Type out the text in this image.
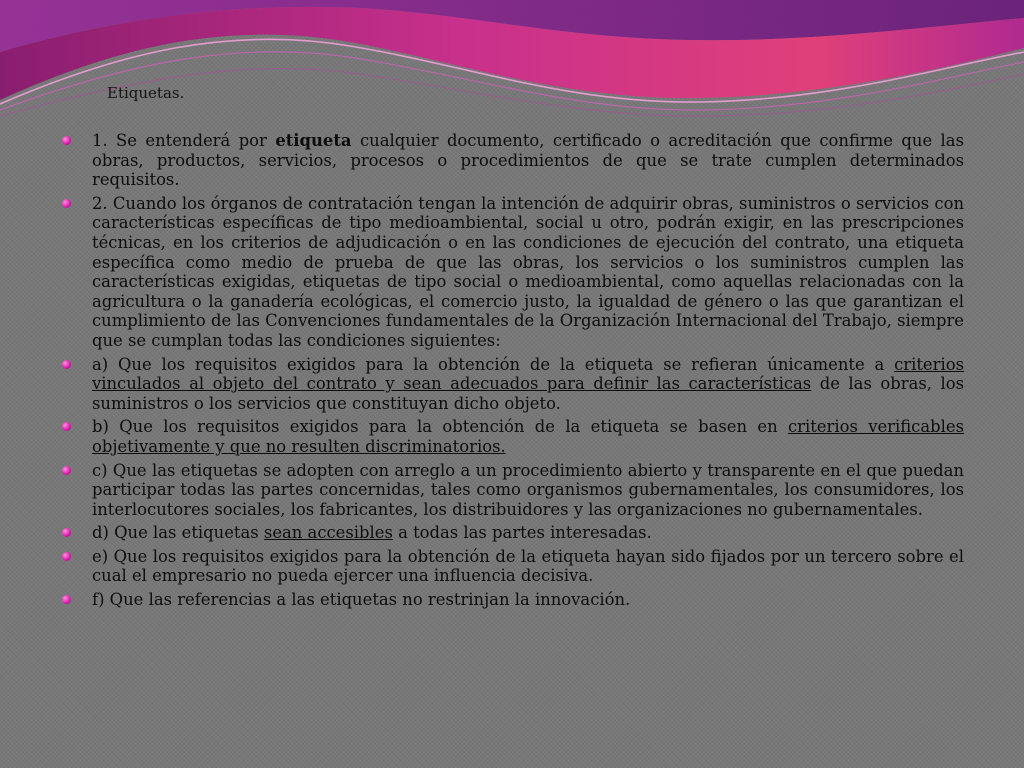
Etiquetas.
1. Se entenderá por etiqueta cualquier documento, certificado o acreditación que confirme que las obras, productos, servicios, procesos o procedimientos de que se trate cumplen determinados requisitos.
2. Cuando los órganos de contratación tengan la intención de adquirir obras, suministros o servicios con características específicas de tipo medioambiental, social u otro, podrán exigir, en las prescripciones técnicas, en los criterios de adjudicación o en las condiciones de ejecución del contrato, una etiqueta específica como medio de prueba de que las obras, los servicios o los suministros cumplen las características exigidas, etiquetas de tipo social o medioambiental, como aquellas relacionadas con la agricultura o la ganadería ecológicas, el comercio justo, la igualdad de género o las que garantizan el cumplimiento de las Convenciones fundamentales de la Organización Internacional del Trabajo, siempre que se cumplan todas las condiciones siguientes:
a) Que los requisitos exigidos para la obtención de la etiqueta se refieran únicamente a criterios vinculados al objeto del contrato y sean adecuados para definir las características de las obras, los suministros o los servicios que constituyan dicho objeto.
b) Que los requisitos exigidos para la obtención de la etiqueta se basen en criterios verificables objetivamente y que no resulten discriminatorios.
c) Que las etiquetas se adopten con arreglo a un procedimiento abierto y transparente en el que puedan participar todas las partes concernidas, tales como organismos gubernamentales, los consumidores, los interlocutores sociales, los fabricantes, los distribuidores y las organizaciones no gubernamentales.
d) Que las etiquetas sean accesibles a todas las partes interesadas.
e) Que los requisitos exigidos para la obtención de la etiqueta hayan sido fijados por un tercero sobre el cual el empresario no pueda ejercer una influencia decisiva.
f) Que las referencias a las etiquetas no restrinjan la innovación.
